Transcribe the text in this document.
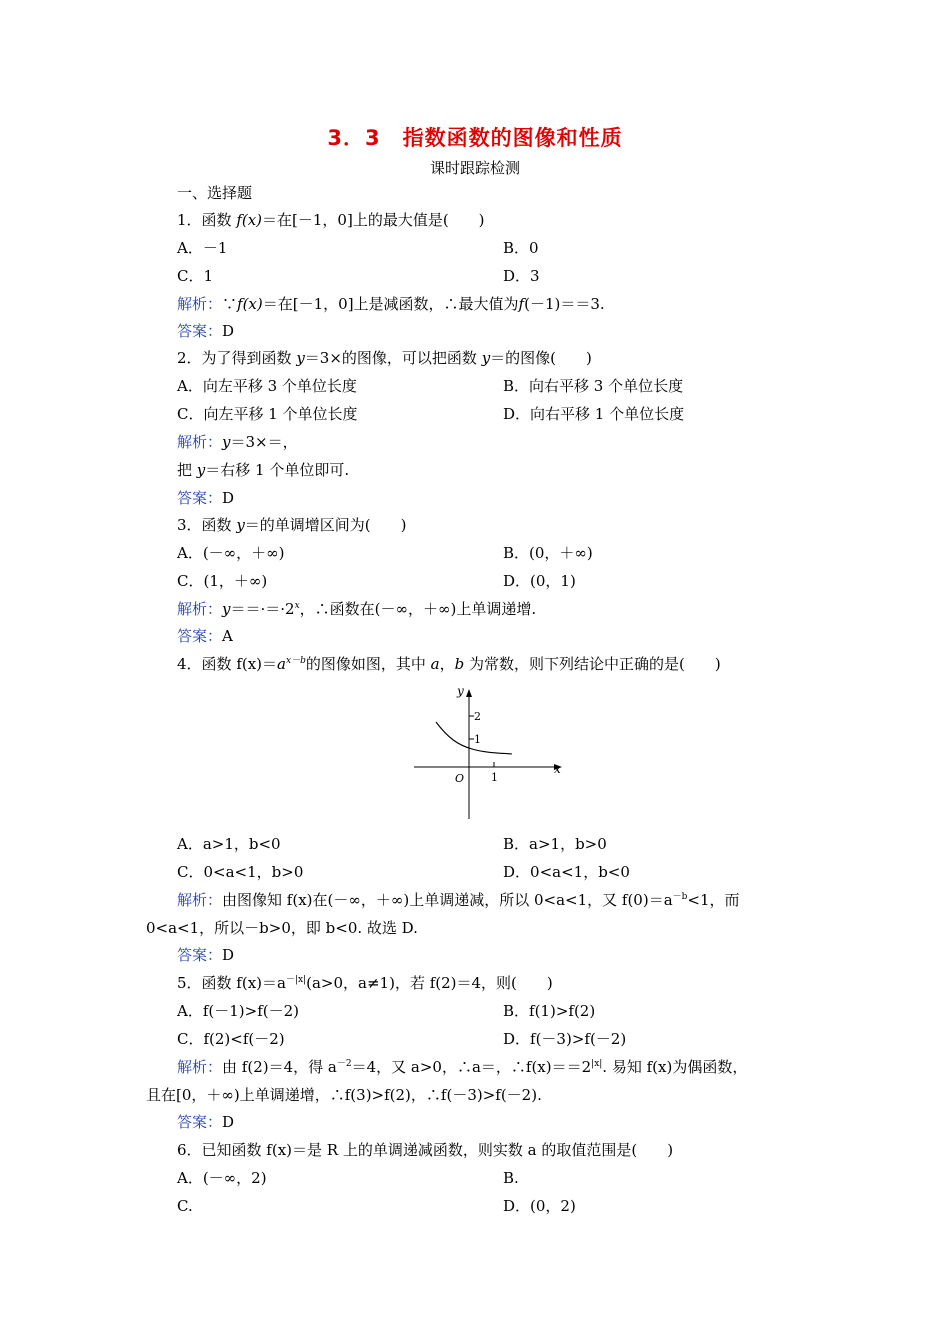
3．3　指数函数的图像和性质
课时跟踪检测
一、选择题
1．函数 f(x)＝在[－1，0]上的最大值是(　　)
A．－1	B．0
C．1	D．3
解析：∵f(x)＝在[－1，0]上是减函数，∴最大值为f(－1)＝＝3.
答案：D
2．为了得到函数 y＝3×的图像，可以把函数 y＝的图像(　　)
A．向左平移 3 个单位长度	B．向右平移 3 个单位长度
C．向左平移 1 个单位长度	D．向右平移 1 个单位长度
解析：y＝3×＝，
把 y＝右移 1 个单位即可.
答案：D
3．函数 y＝的单调增区间为(　　)
A．(－∞，＋∞)	B．(0，＋∞)
C．(1，＋∞)	D．(0，1)
解析：$y==\cdot=\cdot 2^x$，∴函数在(－∞，＋∞)上单调递增.
答案：A
4．函数 $f(x)=a^{x-b}$的图像如图，其中 a，b 为常数，则下列结论中正确的是(　　)
y
x
O
2
1
1
A．a>1，b<0	B．a>1，b>0
C．0<a<1，b>0	D．0<a<1，b<0
解析：由图像知 f(x)在(－∞，＋∞)上单调递减，所以 0<a<1，又 $f(0)=a^{-b}<1$，而
0<a<1，所以－b>0，即 b<0. 故选 D.
答案：D
5．函数 $f(x)=a^{-|x|}(a>0$，a≠1)，若 f(2)＝4，则(　　)
A．f(－1)>f(－2)	B．f(1)>f(2)
C．f(2)<f(－2)	D．f(－3)>f(－2)
解析：由 f(2)＝4，得 $a^{-2}=4$，又 a>0，∴a＝，$\therefore f(x)==2^{|x|}$. 易知 f(x)为偶函数，
且在[0，＋∞)上单调递增，∴f(3)>f(2)，∴f(－3)>f(－2).
答案：D
6．已知函数 f(x)＝是 R 上的单调递减函数，则实数 a 的取值范围是(　　)
A．(－∞，2)	B.
C.	D．(0，2)
